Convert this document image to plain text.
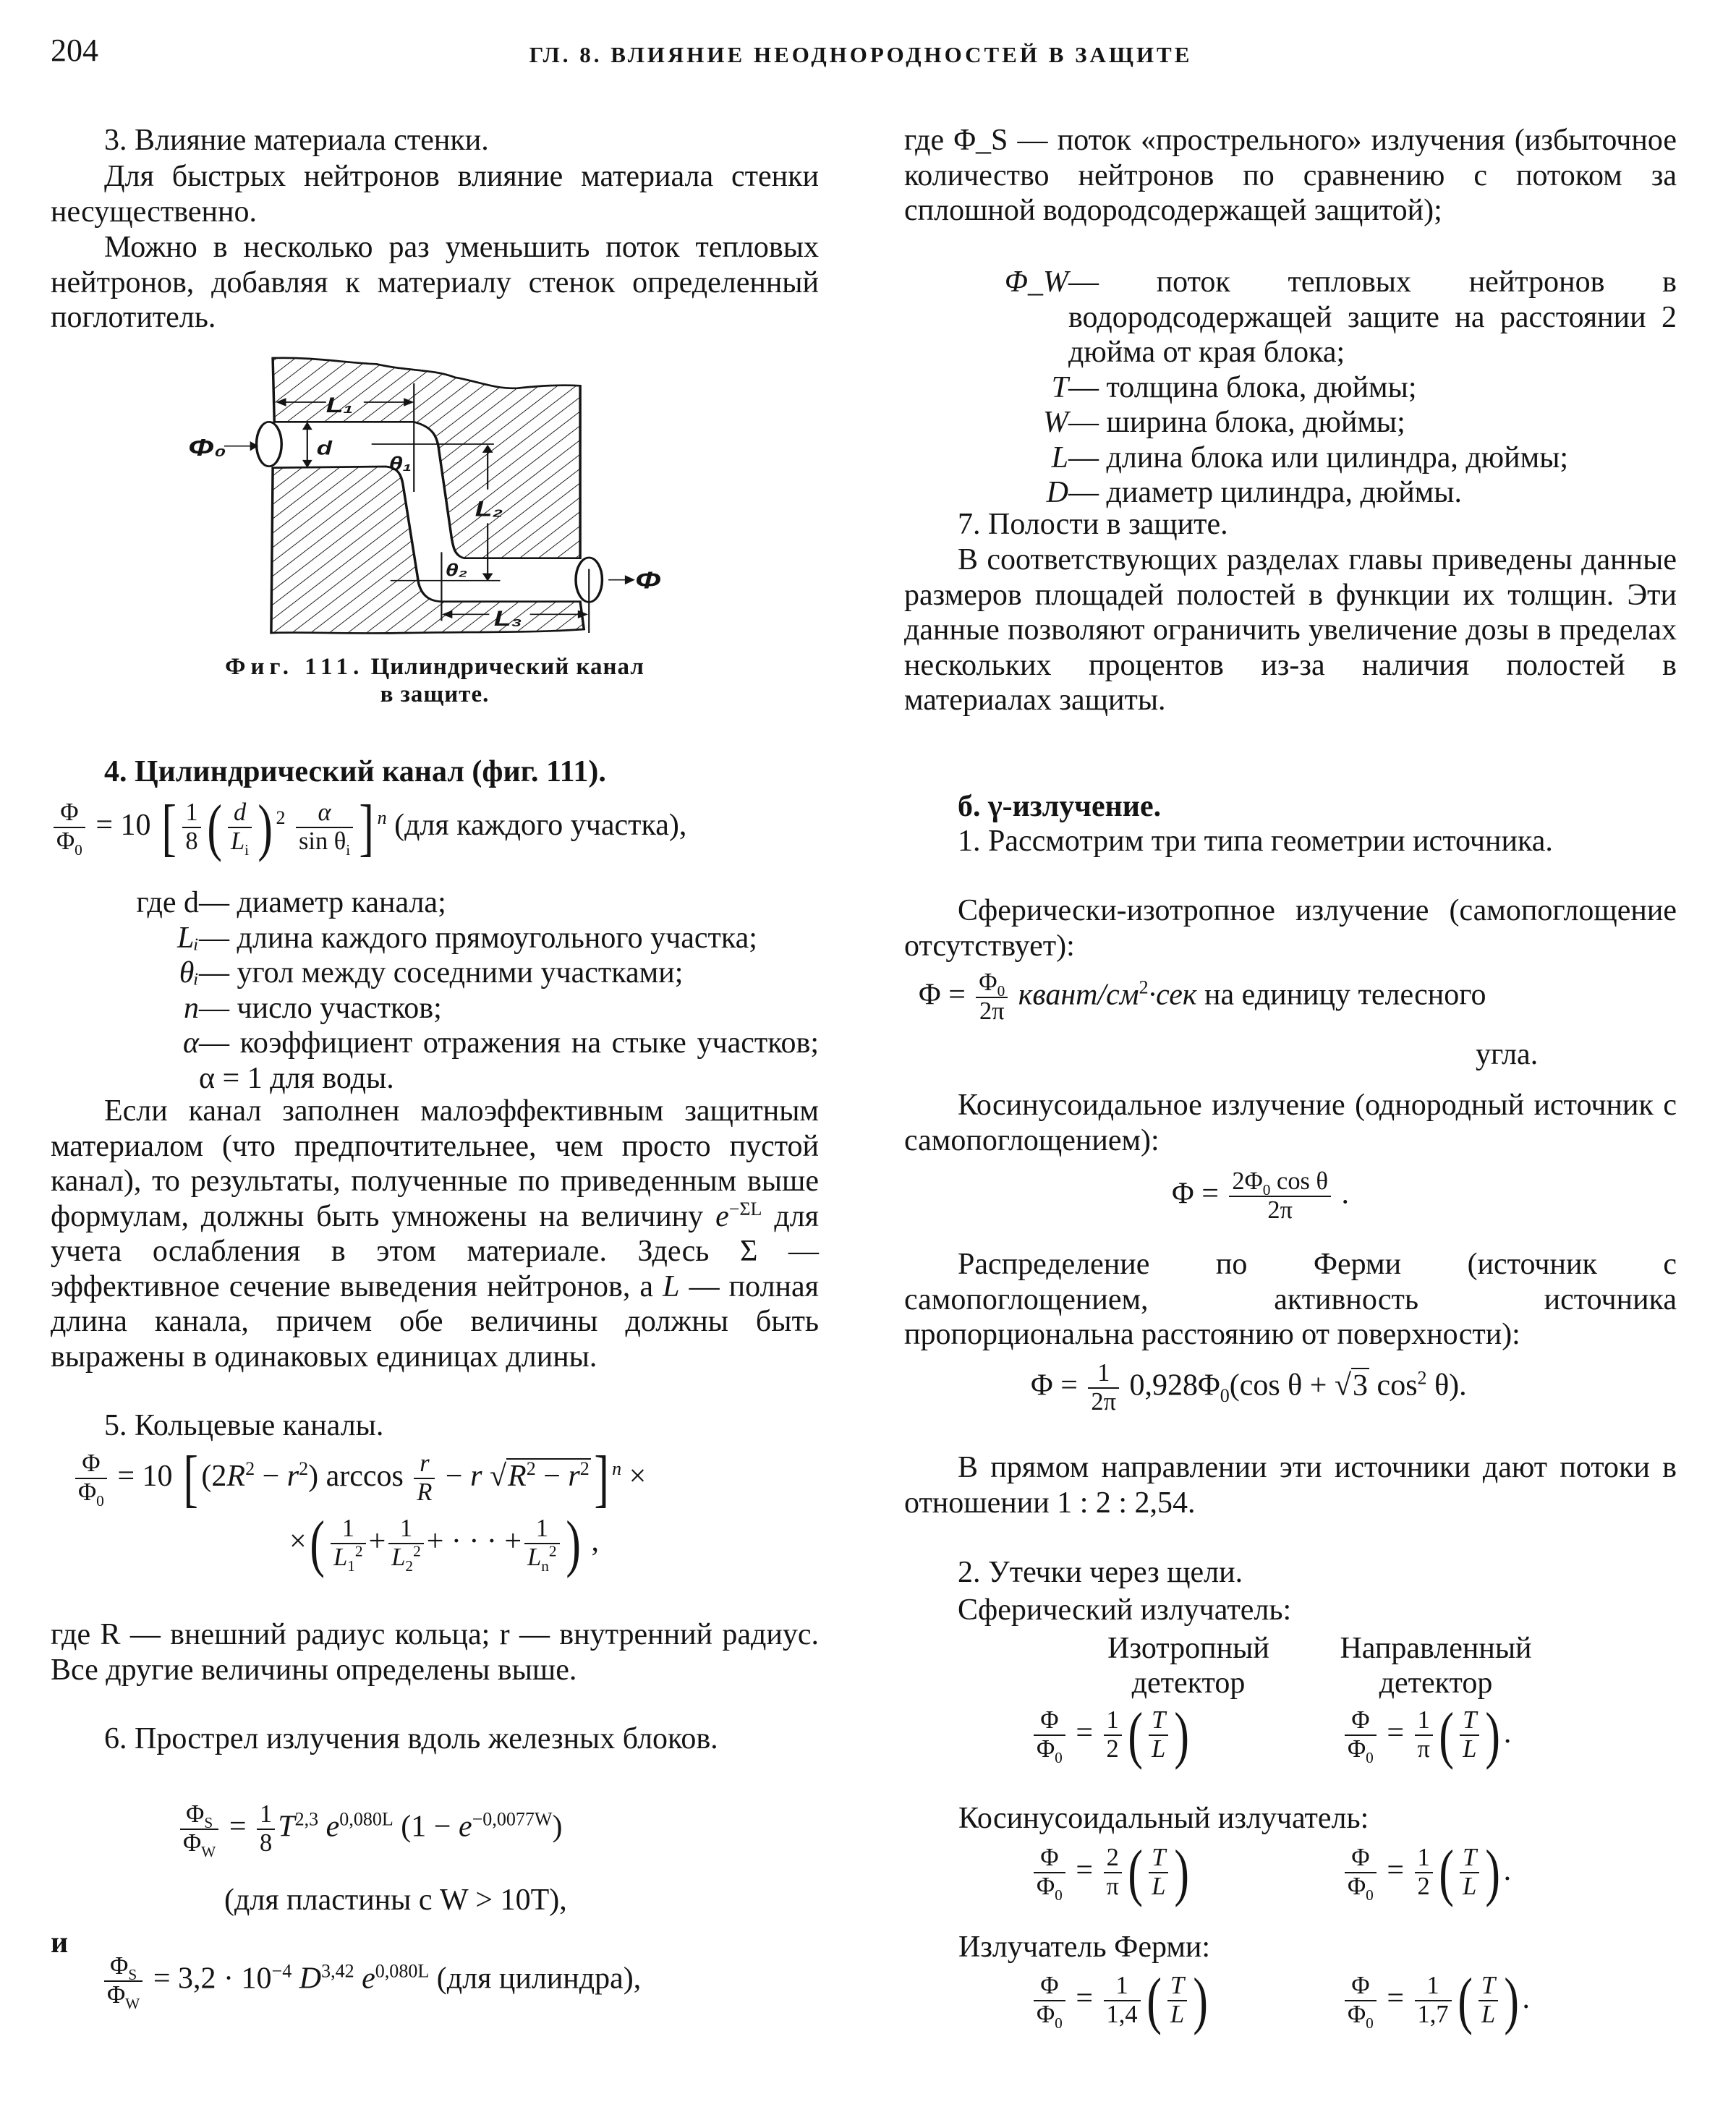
204	ГЛ. 8. ВЛИЯНИЕ НЕОДНОРОДНОСТЕЙ В ЗАЩИТЕ

3. Влияние материала стенки.

Для быстрых нейтронов влияние материала стенки несущественно.

Можно в несколько раз уменьшить поток тепловых нейтронов, добавляя к материалу стенок определенный поглотитель.

Φ₀ d
L₁
θ₁
L₂
θ₂
L₃
Φ
Фиг. 111. Цилиндрический канал
в защите.

4. Цилиндрический канал (фиг. 111).

$\frac{\Phi}{\Phi_0} = 10$ [ $\frac{1}{8}$ ( $\frac{d}{L_i}$ ) $^2 \frac{\alpha}{\sin \theta_i}$ ] $^n$ (для каждого участка),
где d — диаметр канала;
Lᵢ — длина каждого прямоугольного участка;
θᵢ — угол между соседними участками;
n — число участков;
α — коэффициент отражения на стыке участков; α = 1 для воды.

Если канал заполнен малоэффективным защитным материалом (что предпочтительнее, чем просто пустой канал), то результаты, полученные по приведенным выше формулам, должны быть умножены на величину $e^{-\Sigma L}$ для учета ослабления в этом материале. Здесь Σ — эффективное сечение выведения нейтронов, а L — полная длина канала, причем обе величины должны быть выражены в одинаковых единицах длины.

5. Кольцевые каналы.

$\frac{\Phi}{\Phi_0} = 10$ [ $(2R^2 - r^2)$ $\arccos \frac{r}{R} - r$ $√R^2 - r^2$] $^n$ ×
×( $\frac{1}{L_1^2} + \frac{1}{L_2^2}$ + · · · + $\frac{1}{L_n^2}$ ) ,

где R — внешний радиус кольца; r — внутренний радиус. Все другие величины определены выше.

6. Прострел излучения вдоль железных блоков.

$\frac{\Phi_S}{\Phi_W} = \frac{1}{8} T^{2,3}$ $e^{0,080L}$ $(1 - e^{-0,0077W})$
(для пластины с W > 10T),
и
$\frac{\Phi_S}{\Phi_W} = 3,2 \cdot 10^{-4}$ D$^{3,42}$ $e^{0,080L}$ (для цилиндра),

где Φ_S — поток «прострельного» излучения (избыточное количество нейтронов по сравнению с потоком за сплошной водородсодержащей защитой);

Φ_W — поток тепловых нейтронов в водородсодержащей защите на расстоянии 2 дюйма от края блока;
T — толщина блока, дюймы;
W — ширина блока, дюймы;
L — длина блока или цилиндра, дюймы;
D — диаметр цилиндра, дюймы.

7. Полости в защите.

В соответствующих разделах главы приведены данные размеров площадей полостей в функции их толщин. Эти данные позволяют ограничить увеличение дозы в пределах нескольких процентов из-за наличия полостей в материалах защиты.

б. γ-излучение.

1. Рассмотрим три типа геометрии источника.

Сферически-изотропное излучение (самопоглощение отсутствует):

$\Phi = \frac{\Phi_0}{2\pi}$ квант/$см^2\cdot сек$ на единицу телесного
угла.

Косинусоидальное излучение (однородный источник с самопоглощением):

$\Phi = \frac{2\Phi_0 \cos \theta}{2\pi}$ .

Распределение по Ферми (источник с самопоглощением, активность источника пропорциональна расстоянию от поверхности):

$\Phi = \frac{1}{2\pi} 0,928\Phi_0(\cos$ θ + √3 $\cos^2 \theta$).

В прямом направлении эти источники дают потоки в отношении 1 : 2 : 2,54.

2. Утечки через щели.

Сферический излучатель:

Изотропный
детектор
Направленный
детектор
$\frac{\Phi}{\Phi_0} = \frac{1}{2}$ ( $\frac{T}{L}$ )	$\frac{\Phi}{\Phi_0} = \frac{1}{\pi}$ ( $\frac{T}{L}$ ) .
Косинусоидальный излучатель:
$\frac{\Phi}{\Phi_0} = \frac{2}{\pi}$ ( $\frac{T}{L}$ )	$\frac{\Phi}{\Phi_0} = \frac{1}{2}$ ( $\frac{T}{L}$ ) .
Излучатель Ферми:
$\frac{\Phi}{\Phi_0} = \frac{1}{1,4}$ ( $\frac{T}{L}$ )	$\frac{\Phi}{\Phi_0} = \frac{1}{1,7}$ ( $\frac{T}{L}$ ) .
